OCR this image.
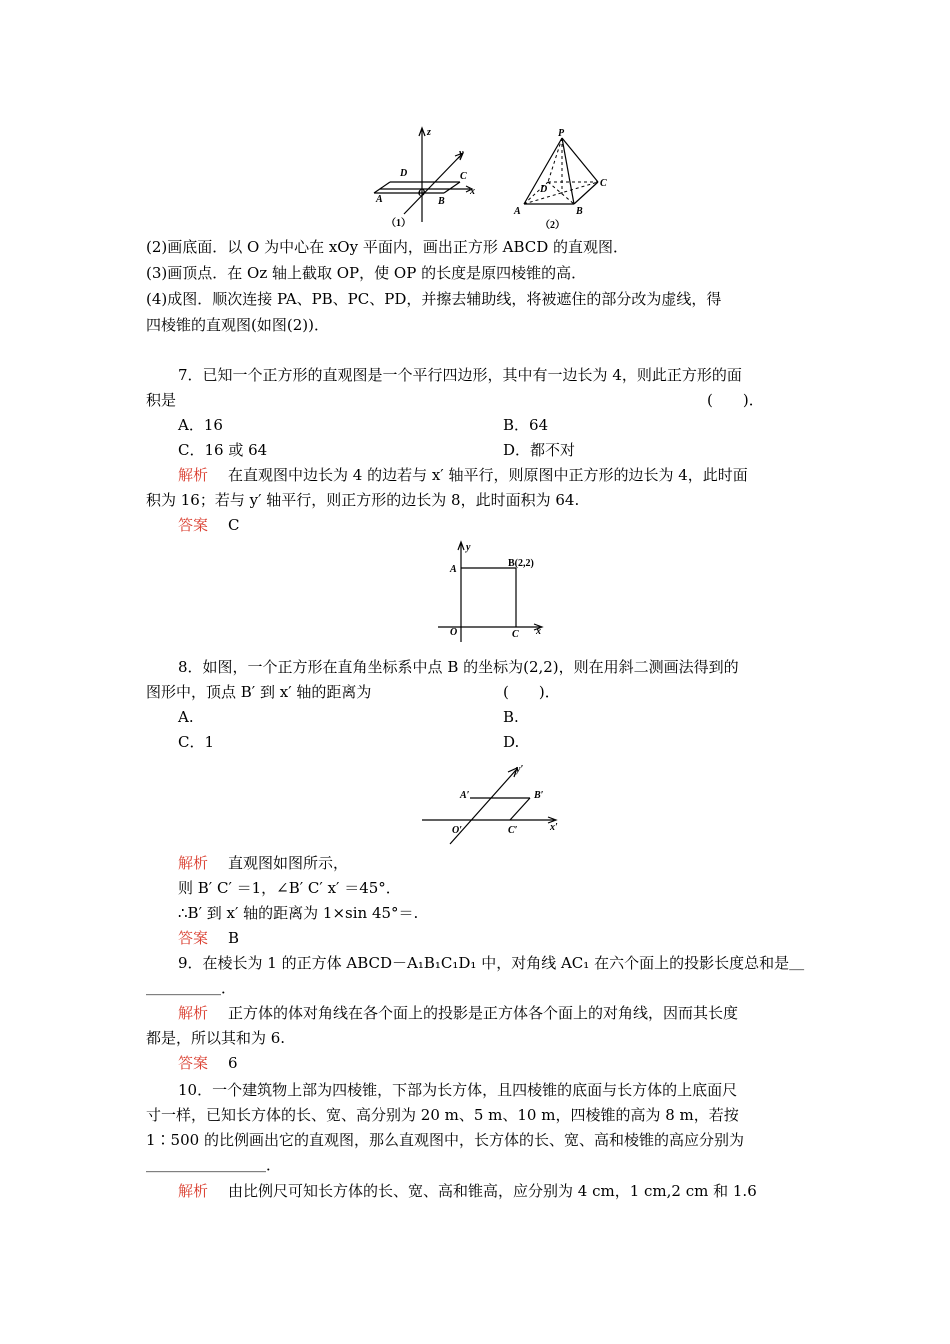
z
y
x
D	C
A
O
B
（1）
P
D
C
A	B
（2）
(2)画底面．以 O 为中心在 xOy 平面内，画出正方形 ABCD 的直观图．
(3)画顶点．在 Oz 轴上截取 OP，使 OP 的长度是原四棱锥的高．
(4)成图．顺次连接 PA、PB、PC、PD，并擦去辅助线，将被遮住的部分改为虚线，得
四棱锥的直观图(如图(2))．
7．已知一个正方形的直观图是一个平行四边形，其中有一边长为 4，则此正方形的面
积是	(　　)．
A．16	B．64
C．16 或 64	D．都不对
解析 在直观图中边长为 4 的边若与 x′ 轴平行，则原图中正方形的边长为 4，此时面
积为 16；若与 y′ 轴平行，则正方形的边长为 8，此时面积为 64.
答案 C
y
A
B(2,2)
O	C x
8．如图，一个正方形在直角坐标系中点 B 的坐标为(2,2)，则在用斜二测画法得到的
图形中，顶点 B′ 到 x′ 轴的距离为	(　　)．
A.	B.
C．1	D.
y′
A′	B′
O′	C′	x′
解析 直观图如图所示，
则 B′ C′ ＝1，∠B′ C′ x′ ＝45°．
∴B′ 到 x′ 轴的距离为 1×sin 45°＝.
答案 B
9．在棱长为 1 的正方体 ABCD－A₁B₁C₁D₁ 中，对角线 AC₁ 在六个面上的投影长度总和是＿
＿＿＿＿＿．
解析 正方体的体对角线在各个面上的投影是正方体各个面上的对角线，因而其长度
都是，所以其和为 6.
答案 6
10．一个建筑物上部为四棱锥，下部为长方体，且四棱锥的底面与长方体的上底面尺
寸一样，已知长方体的长、宽、高分别为 20 m、5 m、10 m，四棱锥的高为 8 m，若按
1∶500 的比例画出它的直观图，那么直观图中，长方体的长、宽、高和棱锥的高应分别为
＿＿＿＿＿＿＿＿．
解析 由比例尺可知长方体的长、宽、高和锥高，应分别为 4 cm，1 cm,2 cm 和 1.6
